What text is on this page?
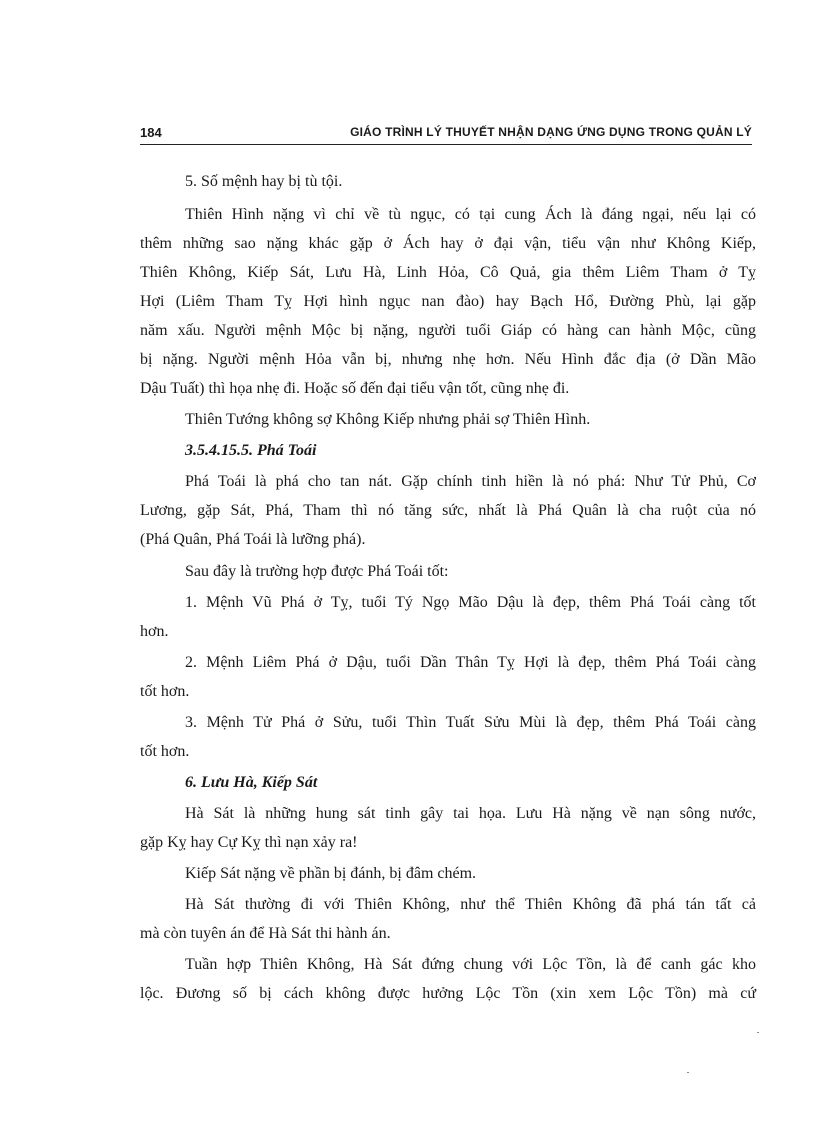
184	GIÁO TRÌNH LÝ THUYẾT NHẬN DẠNG ỨNG DỤNG TRONG QUẢN LÝ
5. Số mệnh hay bị tù tội.
Thiên Hình nặng vì chỉ về tù ngục, có tại cung Ách là đáng ngại, nếu lại có
thêm những sao nặng khác gặp ở Ách hay ở đại vận, tiểu vận như Không Kiếp,
Thiên Không, Kiếp Sát, Lưu Hà, Linh Hỏa, Cô Quả, gia thêm Liêm Tham ở Tỵ
Hợi (Liêm Tham Tỵ Hợi hình ngục nan đào) hay Bạch Hổ, Đường Phù, lại gặp
năm xấu. Người mệnh Mộc bị nặng, người tuổi Giáp có hàng can hành Mộc, cũng
bị nặng. Người mệnh Hỏa vẫn bị, nhưng nhẹ hơn. Nếu Hình đắc địa (ở Dần Mão
Dậu Tuất) thì họa nhẹ đi. Hoặc số đến đại tiểu vận tốt, cũng nhẹ đi.
Thiên Tướng không sợ Không Kiếp nhưng phải sợ Thiên Hình.
3.5.4.15.5. Phá Toái
Phá Toái là phá cho tan nát. Gặp chính tinh hiền là nó phá: Như Tử Phủ, Cơ
Lương, gặp Sát, Phá, Tham thì nó tăng sức, nhất là Phá Quân là cha ruột của nó
(Phá Quân, Phá Toái là lưỡng phá).
Sau đây là trường hợp được Phá Toái tốt:
1. Mệnh Vũ Phá ở Tỵ, tuổi Tý Ngọ Mão Dậu là đẹp, thêm Phá Toái càng tốt
hơn.
2. Mệnh Liêm Phá ở Dậu, tuổi Dần Thân Tỵ Hợi là đẹp, thêm Phá Toái càng
tốt hơn.
3. Mệnh Tử Phá ở Sửu, tuổi Thìn Tuất Sửu Mùi là đẹp, thêm Phá Toái càng
tốt hơn.
6. Lưu Hà, Kiếp Sát
Hà Sát là những hung sát tinh gây tai họa. Lưu Hà nặng về nạn sông nước,
gặp Kỵ hay Cự Kỵ thì nạn xảy ra!
Kiếp Sát nặng về phần bị đánh, bị đâm chém.
Hà Sát thường đi với Thiên Không, như thể Thiên Không đã phá tán tất cả
mà còn tuyên án để Hà Sát thi hành án.
Tuần hợp Thiên Không, Hà Sát đứng chung với Lộc Tồn, là để canh gác kho
lộc. Đương số bị cách không được hưởng Lộc Tồn (xin xem Lộc Tồn) mà cứ
